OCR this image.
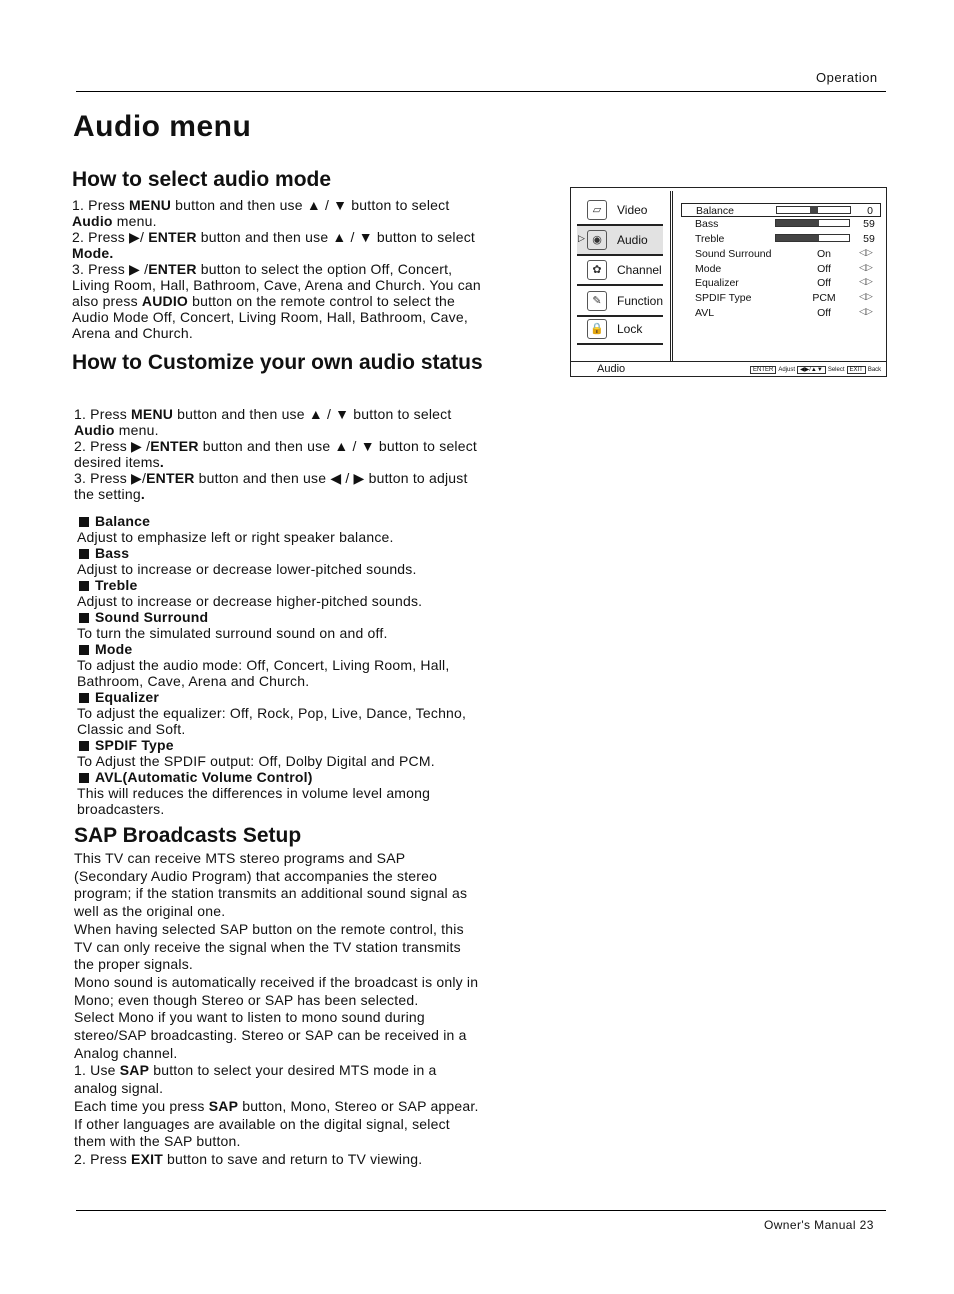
Operation
Audio menu
How to select audio mode

1. Press MENU button and then use ▲ / ▼ button to select Audio menu.

2. Press ▶/ ENTER button and then use ▲ / ▼ button to select Mode.

3. Press ▶ /ENTER button to select the option Off, Concert, Living Room, Hall, Bathroom, Cave, Arena and Church. You can also press AUDIO button on the remote control to select the Audio Mode Off, Concert, Living Room, Hall, Bathroom, Cave, Arena and Church.

How to Customize your own audio status

1. Press MENU button and then use ▲ / ▼ button to select Audio menu.

2. Press ▶ /ENTER button and then use ▲ / ▼ button to select desired items.

3. Press ▶/ENTER button and then use ◀ / ▶ button to adjust the setting.

Balance
Adjust to emphasize left or right speaker balance.
Bass
Adjust to increase or decrease lower-pitched sounds.
Treble
Adjust to increase or decrease higher-pitched sounds.
Sound Surround
To turn the simulated surround sound on and off.
Mode
To adjust the audio mode: Off, Concert, Living Room, Hall, Bathroom, Cave, Arena and Church.
Equalizer
To adjust the equalizer: Off, Rock, Pop, Live, Dance, Techno, Classic and Soft.
SPDIF Type
To Adjust the SPDIF output: Off, Dolby Digital and PCM.
AVL(Automatic Volume Control)
This will reduces the differences in volume level among broadcasters.
SAP Broadcasts Setup

This TV can receive MTS stereo programs and SAP (Secondary Audio Program) that accompanies the stereo program; if the station transmits an additional sound signal as well as the original one.

When having selected SAP button on the remote control, this TV can only receive the signal when the TV station transmits the proper signals.

Mono sound is automatically received if the broadcast is only in Mono; even though Stereo or SAP has been selected.

Select Mono if you want to listen to mono sound during stereo/SAP broadcasting. Stereo or SAP can be received in a Analog channel.

1. Use SAP button to select your desired MTS mode in a analog signal.

Each time you press SAP button, Mono, Stereo or SAP appear.

If other languages are available on the digital signal, select them with the SAP button.

2. Press EXIT button to save and return to TV viewing.

▱	Video
▷ ◉	Audio
✿	Channel
✎	Function
🔒 Lock
Balance	0
Bass	59
Treble	59
Sound Surround	On	◁▷
Mode	Off	◁▷
Equalizer	Off	◁▷
SPDIF Type	PCM	◁▷
AVL	Off	◁▷
Audio	ENTER Adjust ◀▶/▲▼ Select EXIT Back
Owner's Manual 23
